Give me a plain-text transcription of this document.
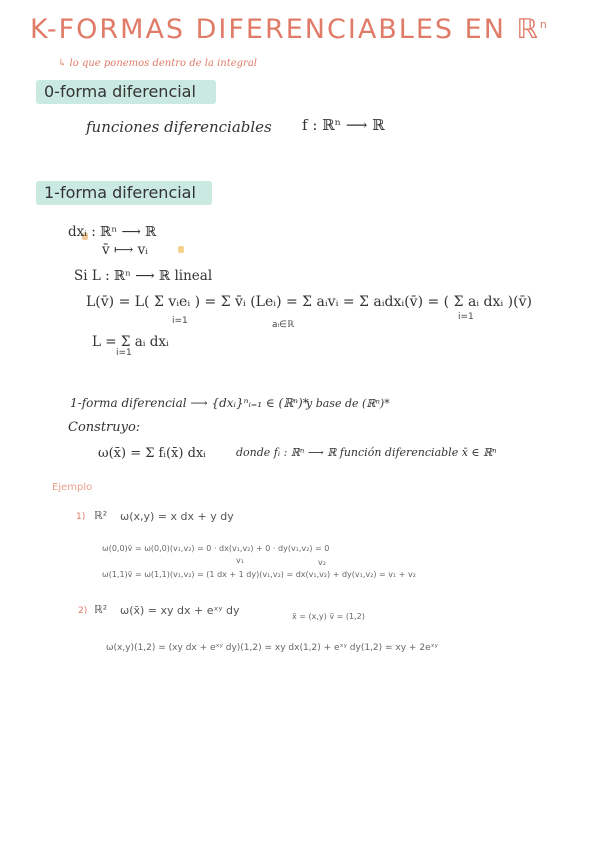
K-FORMAS DIFERENCIABLES EN ℝ$^n$
↳ lo que ponemos dentro de la integral
0-forma diferencial
funciones diferenciables f : ℝⁿ ⟶ ℝ
1-forma diferencial
dxᵢ : ℝⁿ ⟶ ℝ
v̄ ⟼ vᵢ
Si L : ℝⁿ ⟶ ℝ lineal
L(v̄) = L( Σ vᵢeᵢ ) = Σ v̄ᵢ (Leᵢ) = Σ aᵢvᵢ = Σ aᵢdxᵢ(v̄) = ( Σ aᵢ dxᵢ )(v̄)
i=1	aᵢ∈ℝ
i=1
L = Σ aᵢ dxᵢ
i=1
1-forma diferencial ⟶ {dxᵢ}ⁿᵢ₌₁ ∈ (ℝⁿ)*
y base de (ℝⁿ)*
Construyo:
ω(x̄) = Σ fᵢ(x̄) dxᵢ	donde fᵢ : ℝⁿ ⟶ ℝ función diferenciable x̄ ∈ ℝⁿ
Ejemplo
1) ℝ² ω(x,y) = x dx + y dy
ω(0,0)v̄ = ω(0,0)(v₁,v₂) = 0 · dx(v₁,v₂) + 0 · dy(v₁,v₂) = 0
v₁	v₂
ω(1,1)v̄ = ω(1,1)(v₁,v₂) = (1 dx + 1 dy)(v₁,v₂) = dx(v₁,v₂) + dy(v₁,v₂) = v₁ + v₂
2) ℝ² ω(x̄) = xy dx + eˣʸ dy	x̄ = (x,y) v̄ = (1,2)
ω(x,y)(1,2) = (xy dx + eˣʸ dy)(1,2) = xy dx(1,2) + eˣʸ dy(1,2) = xy + 2eˣʸ
